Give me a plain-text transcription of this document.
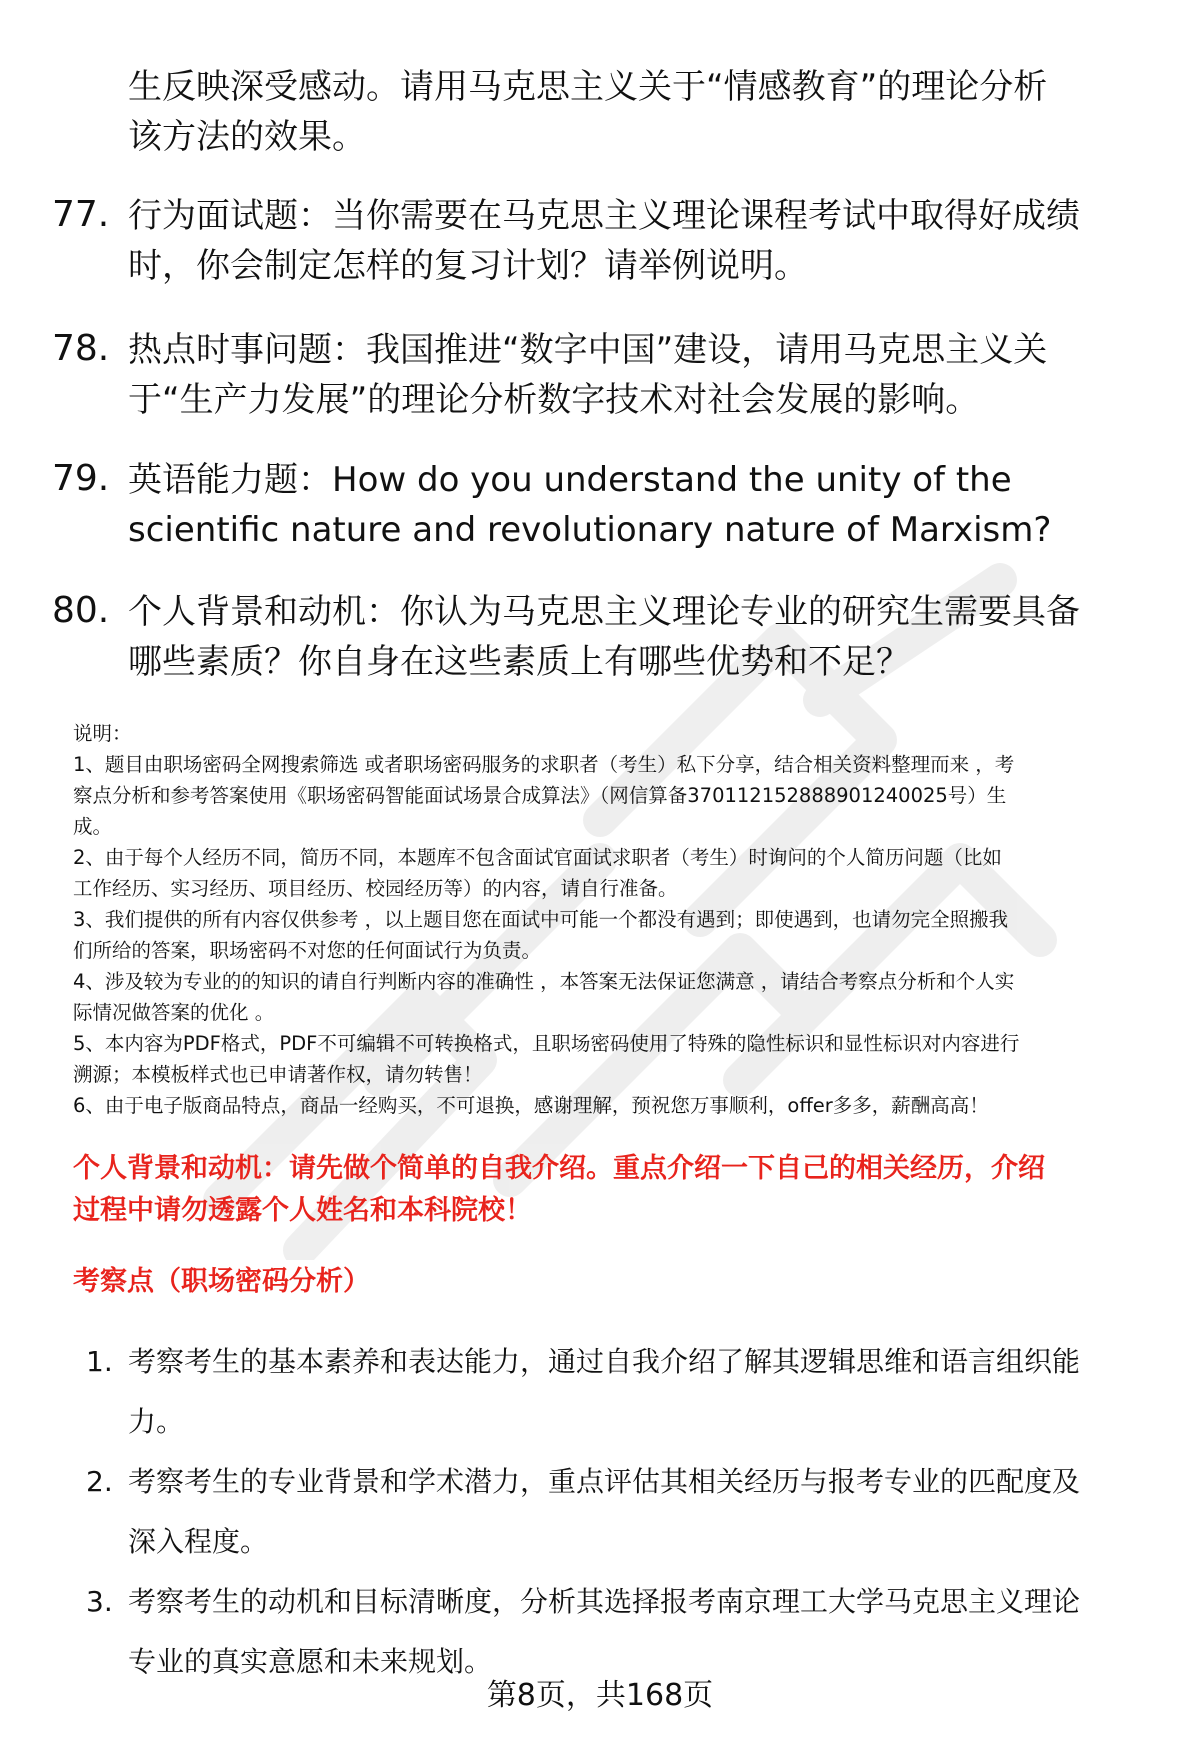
生反映深受感动。请用马克思主义关于“情感教育”的理论分析
该方法的效果。
77. 行为面试题：当你需要在马克思主义理论课程考试中取得好成绩
时，你会制定怎样的复习计划？请举例说明。
78. 热点时事问题：我国推进“数字中国”建设，请用马克思主义关
于“生产力发展”的理论分析数字技术对社会发展的影响。
79. 英语能力题：How do you understand the unity of the
scientific nature and revolutionary nature of Marxism?
80. 个人背景和动机：你认为马克思主义理论专业的研究生需要具备
哪些素质？你自身在这些素质上有哪些优势和不足？
说明：
1、题目由职场密码全网搜索筛选 或者职场密码服务的求职者（考生）私下分享，结合相关资料整理而来 ，考
察点分析和参考答案使用《职场密码智能面试场景合成算法》（网信算备370112152888901240025号）生
成。
2、由于每个人经历不同，简历不同，本题库不包含面试官面试求职者（考生）时询问的个人简历问题（比如
工作经历、实习经历、项目经历、校园经历等）的内容，请自行准备。
3、我们提供的所有内容仅供参考 ，以上题目您在面试中可能一个都没有遇到；即使遇到，也请勿完全照搬我
们所给的答案，职场密码不对您的任何面试行为负责。
4、涉及较为专业的的知识的请自行判断内容的准确性 ，本答案无法保证您满意 ，请结合考察点分析和个人实
际情况做答案的优化 。
5、本内容为PDF格式，PDF不可编辑不可转换格式，且职场密码使用了特殊的隐性标识和显性标识对内容进行
溯源；本模板样式也已申请著作权，请勿转售！
6、由于电子版商品特点，商品一经购买，不可退换，感谢理解，预祝您万事顺利，offer多多，薪酬高高！
个人背景和动机：请先做个简单的自我介绍。重点介绍一下自己的相关经历，介绍
过程中请勿透露个人姓名和本科院校！
考察点（职场密码分析）
1. 考察考生的基本素养和表达能力，通过自我介绍了解其逻辑思维和语言组织能
力。
2. 考察考生的专业背景和学术潜力，重点评估其相关经历与报考专业的匹配度及
深入程度。
3. 考察考生的动机和目标清晰度，分析其选择报考南京理工大学马克思主义理论
专业的真实意愿和未来规划。
第8页，共168页
